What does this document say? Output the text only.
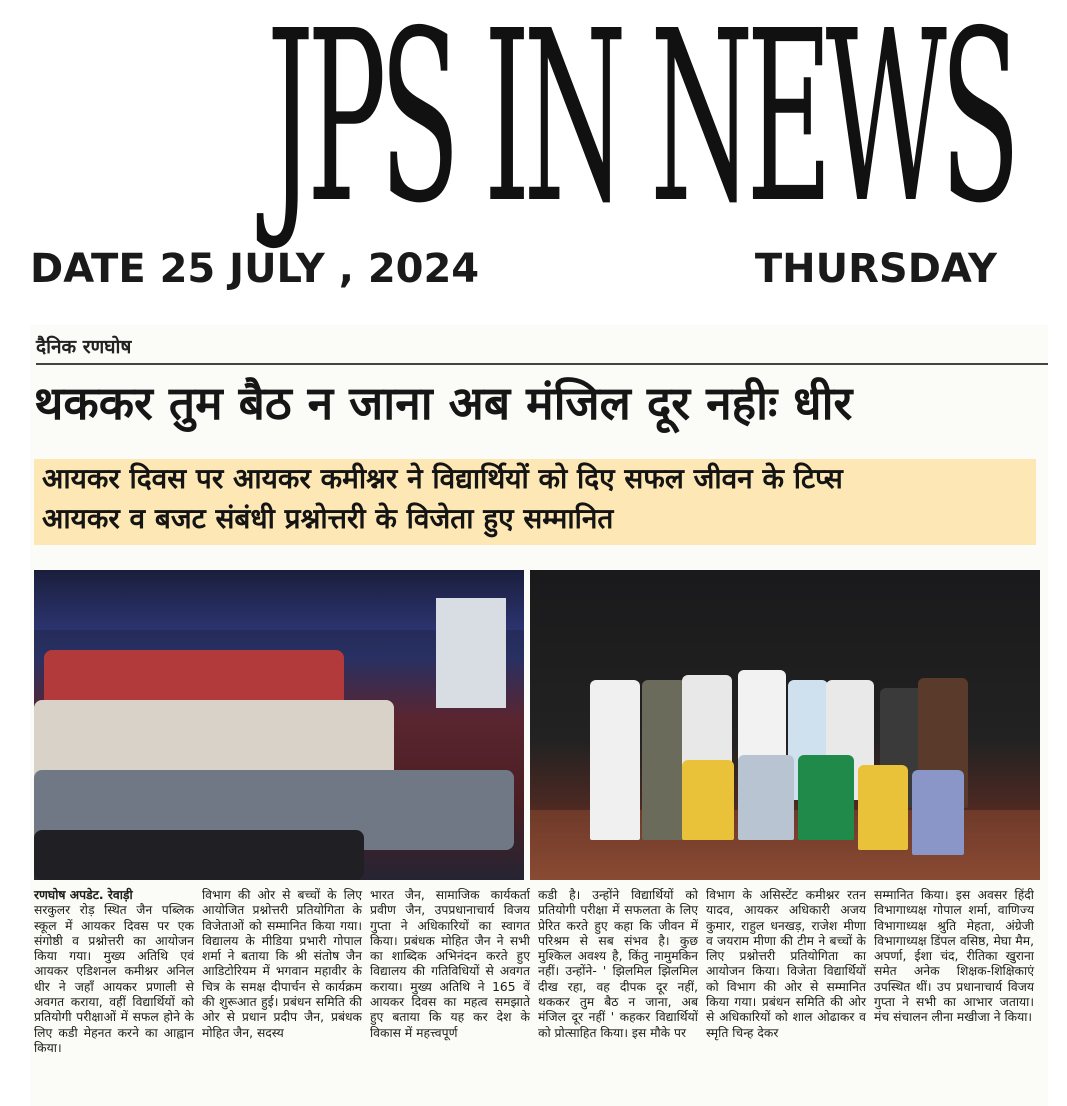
JPS IN NEWS
DATE 25 JULY , 2024	THURSDAY
दैनिक रणघोष
थककर तुम बैठ न जाना अब मंजिल दूर नहीः धीर
आयकर दिवस पर आयकर कमीश्नर ने विद्यार्थियों को दिए सफल जीवन के टिप्स
आयकर व बजट संबंधी प्रश्नोत्तरी के विजेता हुए सम्मानित
रणघोष अपडेट. रेवाड़ी
सरकुलर रोड़ स्थित जैन पब्लिक स्कूल में आयकर दिवस पर एक संगोष्ठी व प्रश्नोत्तरी का आयोजन किया गया। मुख्य अतिथि एवं आयकर एडिशनल कमीश्नर अनिल धीर ने जहाँ आयकर प्रणाली से अवगत कराया, वहीं विद्यार्थियों को प्रतियोगी परीक्षाओं में सफल होने के लिए कडी मेहनत करने का आह्वान किया।
विभाग की ओर से बच्चों के लिए आयोजित प्रश्नोत्तरी प्रतियोगिता के विजेताओं को सम्मानित किया गया। विद्यालय के मीडिया प्रभारी गोपाल शर्मा ने बताया कि श्री संतोष जैन आडिटोरियम में भगवान महावीर के चित्र के समक्ष दीपार्चन से कार्यक्रम की शुरूआत हुई। प्रबंधन समिति की ओर से प्रधान प्रदीप जैन, प्रबंधक मोहित जैन, सदस्य
भारत जैन, सामाजिक कार्यकर्ता प्रवीण जैन, उपप्रधानाचार्य विजय गुप्ता ने अधिकारियों का स्वागत किया। प्रबंधक मोहित जैन ने सभी का शाब्दिक अभिनंदन करते हुए विद्यालय की गतिविधियों से अवगत कराया। मुख्य अतिथि ने 165 वें आयकर दिवस का महत्व समझाते हुए बताया कि यह कर देश के विकास में महत्त्वपूर्ण
कडी है। उन्होंने विद्यार्थियों को प्रतियोगी परीक्षा में सफलता के लिए प्रेरित करते हुए कहा कि जीवन में परिश्रम से सब संभव है। कुछ मुश्किल अवश्य है, किंतु नामुमकिन नहीं। उन्होंने- ' झिलमिल झिलमिल दीख रहा, वह दीपक दूर नहीं, थककर तुम बैठ न जाना, अब मंजिल दूर नहीं ' कहकर विद्यार्थियों को प्रोत्साहित किया। इस मौके पर
विभाग के असिस्टेंट कमीश्नर रतन यादव, आयकर अधिकारी अजय कुमार, राहुल धनखड़, राजेश मीणा व जयराम मीणा की टीम ने बच्चों के लिए प्रश्नोत्तरी प्रतियोगिता का आयोजन किया। विजेता विद्यार्थियों को विभाग की ओर से सम्मानित किया गया। प्रबंधन समिति की ओर से अधिकारियों को शाल ओढाकर व स्मृति चिन्ह देकर
सम्मानित किया। इस अवसर हिंदी विभागाध्यक्ष गोपाल शर्मा, वाणिज्य विभागाध्यक्ष श्रुति मेहता, अंग्रेजी विभागाध्यक्ष डिंपल वसिष्ठ, मेघा मैम, अपर्णा, ईशा चंद, रीतिका खुराना समेत अनेक शिक्षक-शिक्षिकाएं उपस्थित थीं। उप प्रधानाचार्य विजय गुप्ता ने सभी का आभार जताया। मंच संचालन लीना मखीजा ने किया।
